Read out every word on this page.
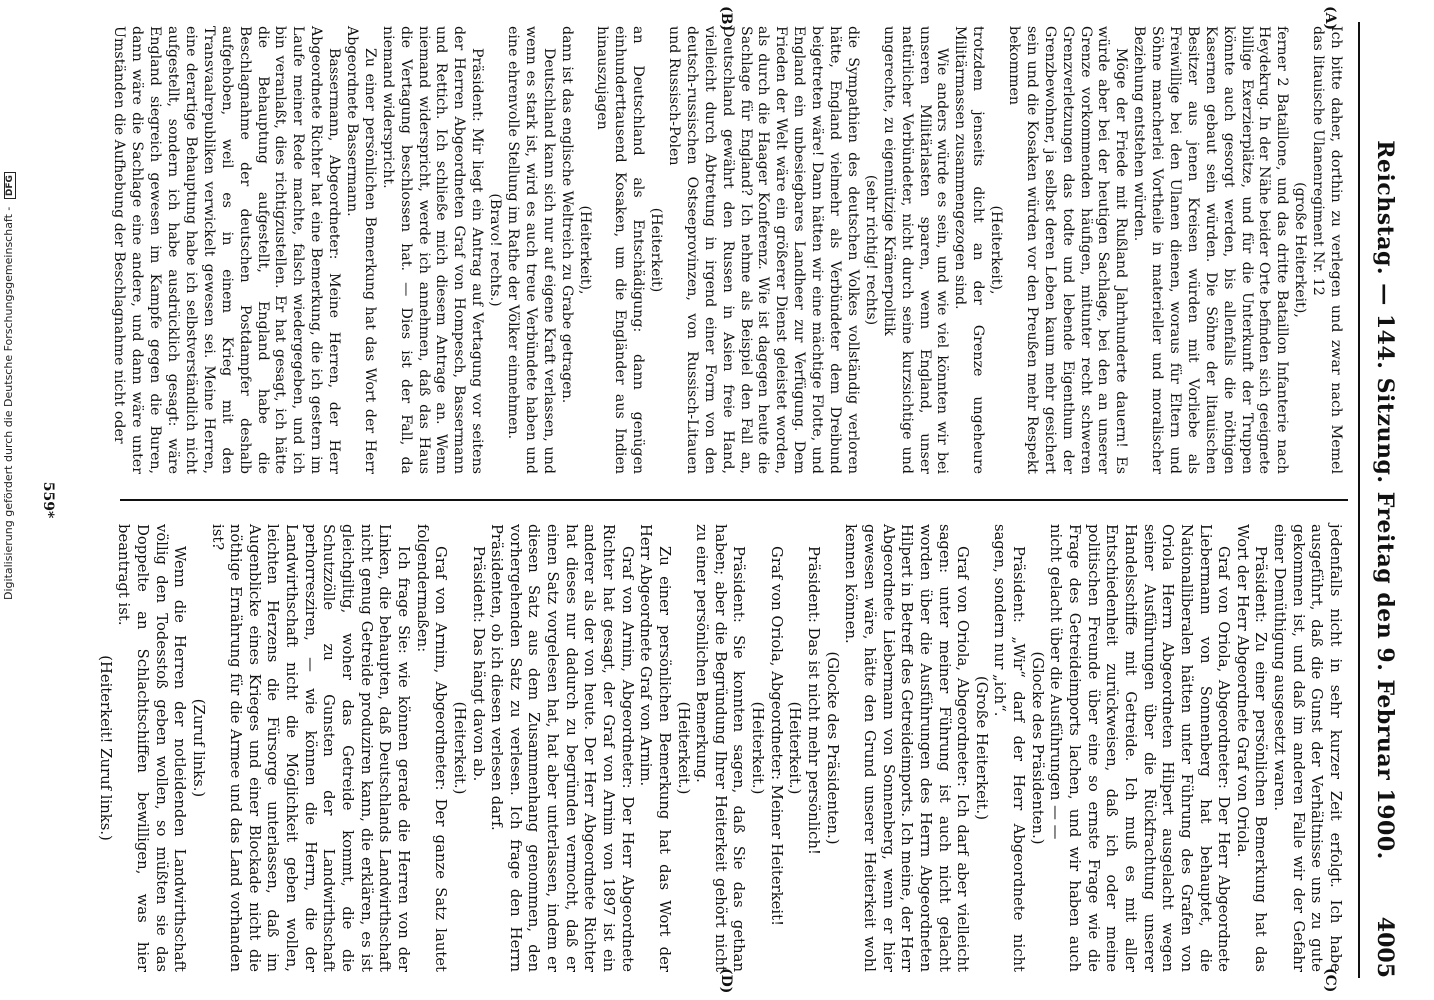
Reichstag. — 144. Sitzung. Freitag den 9. Februar 1900.
4005
(A)
(B)
(C)
(D)

Ich bitte daher, dorthin zu verlegen und zwar nach Memel das litauische Ulanenregiment Nr. 12

(große Heiterkeit),

ferner 2 Bataillone, und das dritte Bataillon Infanterie nach Heydekrug. In der Nähe beider Orte befinden sich geeignete billige Exerzierplätze, und für die Unterkunft der Truppen könnte auch gesorgt werden, bis allenfalls die nöthigen Kasernen gebaut sein würden. Die Söhne der litauischen Besitzer aus jenen Kreisen würden mit Vorliebe als Freiwillige bei den Ulanen dienen, woraus für Eltern und Söhne mancherlei Vortheile in materieller und moralischer Beziehung entstehen würden.

Möge der Friede mit Rußland Jahrhunderte dauern! Es würde aber bei der heutigen Sachlage, bei den an unserer Grenze vorkommenden häufigen, mitunter recht schweren Grenzverletzungen das todte und lebende Eigenthum der Grenzbewohner, ja selbst deren Leben kaum mehr gesichert sein und die Kosaken würden vor den Preußen mehr Respekt bekommen

(Heiterkeit),

trotzdem jenseits dicht an der Grenze ungeheure Militärmassen zusammengezogen sind.

Wie anders würde es sein, und wie viel könnten wir bei unseren Militärlasten sparen, wenn England, unser natürlicher Verbündeter, nicht durch seine kurzsichtige und ungerechte, zu eigennützige Krämerpolitik

(sehr richtig! rechts)

die Sympathien des deutschen Volkes vollständig verloren hätte, England vielmehr als Verbündeter dem Dreibund beigetreten wäre! Dann hätten wir eine mächtige Flotte, und England ein unbesiegbares Landheer zur Verfügung. Dem Frieden der Welt wäre ein größerer Dienst geleistet worden, als durch die Haager Konferenz. Wie ist dagegen heute die Sachlage für England? Ich nehme als Beispiel den Fall an, Deutschland gewährt den Russen in Asien freie Hand, vielleicht durch Abtretung in irgend einer Form von den deutsch-russischen Ostseeprovinzen, von Russisch-Litauen und Russisch-Polen

(Heiterkeit)

an Deutschland als Entschädigung: dann genügen einhunderttausend Kosaken, um die Engländer aus Indien hinauszujagen

(Heiterkeit),

dann ist das englische Weltreich zu Grabe getragen.

Deutschland kann sich nur auf eigene Kraft verlassen, und wenn es stark ist, wird es auch treue Verbündete haben und eine ehrenvolle Stellung im Rathe der Völker einnehmen.

(Bravo! rechts.)

Präsident: Mir liegt ein Antrag auf Vertagung vor seitens der Herren Abgeordneten Graf von Hompesch, Bassermann und Rettich. Ich schließe mich diesem Antrage an. Wenn niemand widerspricht, werde ich annehmen, daß das Haus die Vertagung beschlossen hat. — Dies ist der Fall, da niemand widerspricht.

Zu einer persönlichen Bemerkung hat das Wort der Herr Abgeordnete Bassermann.

Bassermann, Abgeordneter: Meine Herren, der Herr Abgeordnete Richter hat eine Bemerkung, die ich gestern im Laufe meiner Rede machte, falsch wiedergegeben, und ich bin veranlaßt, dies richtigzustellen. Er hat gesagt, ich hätte die Behauptung aufgestellt, England habe die Beschlagnahme der deutschen Postdampfer deshalb aufgehoben, weil es in einem Krieg mit den Transvaalrepubliken verwickelt gewesen sei. Meine Herren, eine derartige Behauptung habe ich selbstverständlich nicht aufgestellt, sondern ich habe ausdrücklich gesagt: wäre England siegreich gewesen im Kampfe gegen die Buren, dann wäre die Sachlage eine andere, und dann wäre unter Umständen die Aufhebung der Beschlagnahme nicht oder

jedenfalls nicht in sehr kurzer Zeit erfolgt. Ich habe ausgeführt, daß die Gunst der Verhältnisse uns zu gute gekommen ist, und daß im anderen Falle wir der Gefahr einer Demüthigung ausgesetzt waren.

Präsident: Zu einer persönlichen Bemerkung hat das Wort der Herr Abgeordnete Graf von Oriola.

Graf von Oriola, Abgeordneter: Der Herr Abgeordnete Liebermann von Sonnenberg hat behauptet, die Nationalliberalen hätten unter Führung des Grafen von Oriola Herrn Abgeordneten Hilpert ausgelacht wegen seiner Ausführungen über die Rückfrachtung unserer Handelsschiffe mit Getreide. Ich muß es mit aller Entschiedenheit zurückweisen, daß ich oder meine politischen Freunde über eine so ernste Frage wie die Frage des Getreideimports lachen, und wir haben auch nicht gelacht über die Ausführungen — —

(Glocke des Präsidenten.)

Präsident: „Wir“ darf der Herr Abgeordnete nicht sagen, sondern nur „ich“.

(Große Heiterkeit.)

Graf von Oriola, Abgeordneter: Ich darf aber vielleicht sagen: unter meiner Führung ist auch nicht gelacht worden über die Ausführungen des Herrn Abgeordneten Hilpert in Betreff des Getreideimports. Ich meine, der Herr Abgeordnete Liebermann von Sonnenberg, wenn er hier gewesen wäre, hätte den Grund unserer Heiterkeit wohl kennen können.

(Glocke des Präsidenten.)

Präsident: Das ist nicht mehr persönlich!

(Heiterkeit.)

Graf von Oriola, Abgeordneter: Meiner Heiterkeit!

(Heiterkeit.)

Präsident: Sie konnten sagen, daß Sie das gethan haben; aber die Begründung Ihrer Heiterkeit gehört nicht zu einer persönlichen Bemerkung.

(Heiterkeit.)

Zu einer persönlichen Bemerkung hat das Wort der Herr Abgeordnete Graf von Arnim.

Graf von Arnim, Abgeordneter: Der Herr Abgeordnete Richter hat gesagt, der Graf von Arnim von 1897 ist ein anderer als der von heute. Der Herr Abgeordnete Richter hat dieses nur dadurch zu begründen vermocht, daß er einen Satz vorgelesen hat, hat aber unterlassen, indem er diesen Satz aus dem Zusammenhang genommen, den vorhergehenden Satz zu verlesen. Ich frage den Herrn Präsidenten, ob ich diesen verlesen darf.

Präsident: Das hängt davon ab.

(Heiterkeit.)

Graf von Arnim, Abgeordneter: Der ganze Satz lautet folgendermaßen:

Ich frage Sie: wie können gerade die Herren von der Linken, die behaupten, daß Deutschlands Landwirthschaft nicht genug Getreide produziren kann, die erklären, es ist gleichgiltig, woher das Getreide kommt, die die Schutzzölle zu Gunsten der Landwirthschaft perhorresziren, — wie können die Herrn, die der Landwirthschaft nicht die Möglichkeit geben wollen, leichten Herzens die Fürsorge unterlassen, daß im Augenblicke eines Krieges und einer Blockade nicht die nöthige Ernährung für die Armee und das Land vorhanden ist?

(Zuruf links.)

Wenn die Herren der notleidenden Landwirthschaft völlig den Todesstoß geben wollen, so müßten sie das Doppelte an Schlachtschiffen bewilligen, was hier beantragt ist.

(Heiterkeit! Zuruf links.)

559*
Digitalisierung gefördert durch die Deutsche Forschungsgemeinschaft - DFG
